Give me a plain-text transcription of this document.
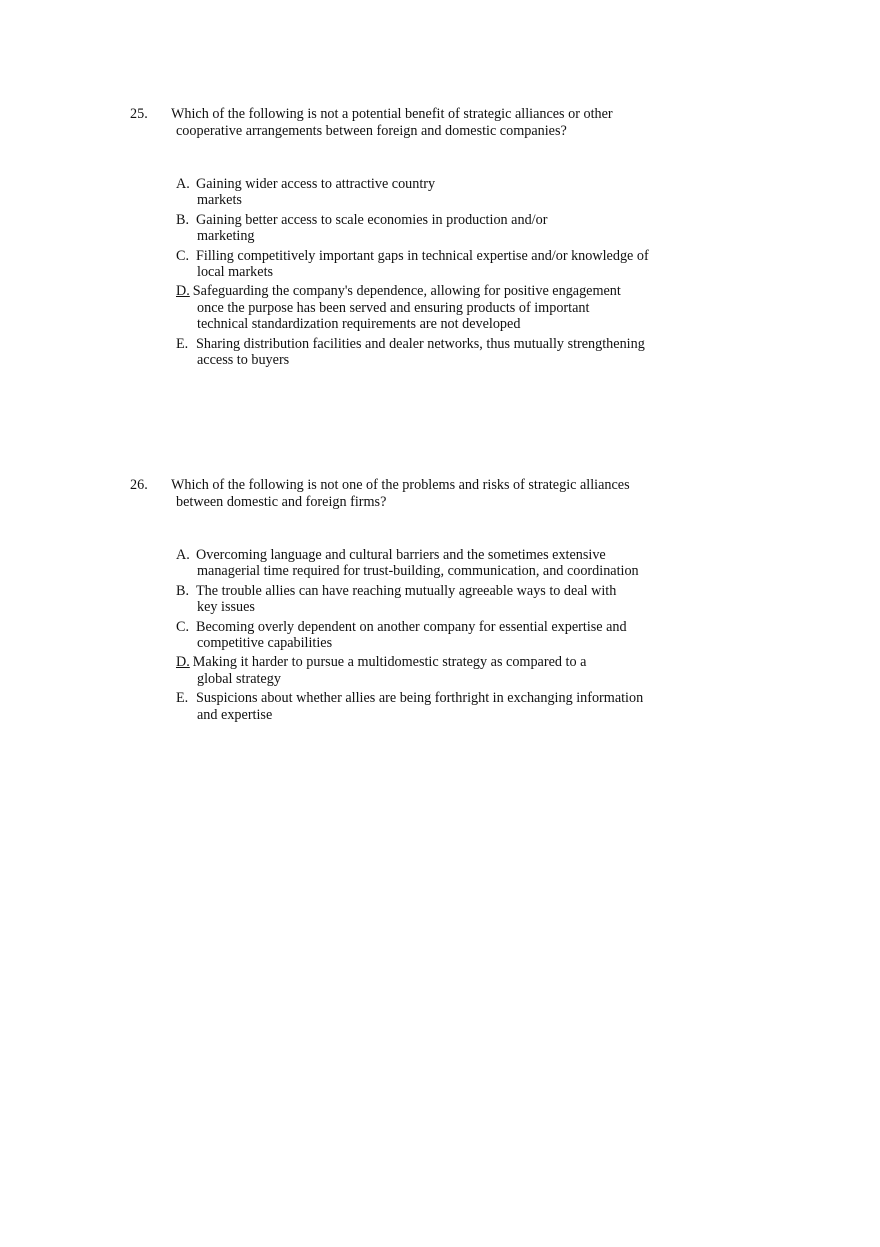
25. Which of the following is not a potential benefit of strategic alliances or other
cooperative arrangements between foreign and domestic companies?
A. Gaining wider access to attractive country
markets
B. Gaining better access to scale economies in production and/or
marketing
C. Filling competitively important gaps in technical expertise and/or knowledge of
local markets
D. Safeguarding the company's dependence, allowing for positive engagement
once the purpose has been served and ensuring products of important
technical standardization requirements are not developed
E. Sharing distribution facilities and dealer networks, thus mutually strengthening
access to buyers
26. Which of the following is not one of the problems and risks of strategic alliances
between domestic and foreign firms?
A. Overcoming language and cultural barriers and the sometimes extensive
managerial time required for trust-building, communication, and coordination
B. The trouble allies can have reaching mutually agreeable ways to deal with
key issues
C. Becoming overly dependent on another company for essential expertise and
competitive capabilities
D. Making it harder to pursue a multidomestic strategy as compared to a
global strategy
E. Suspicions about whether allies are being forthright in exchanging information
and expertise
